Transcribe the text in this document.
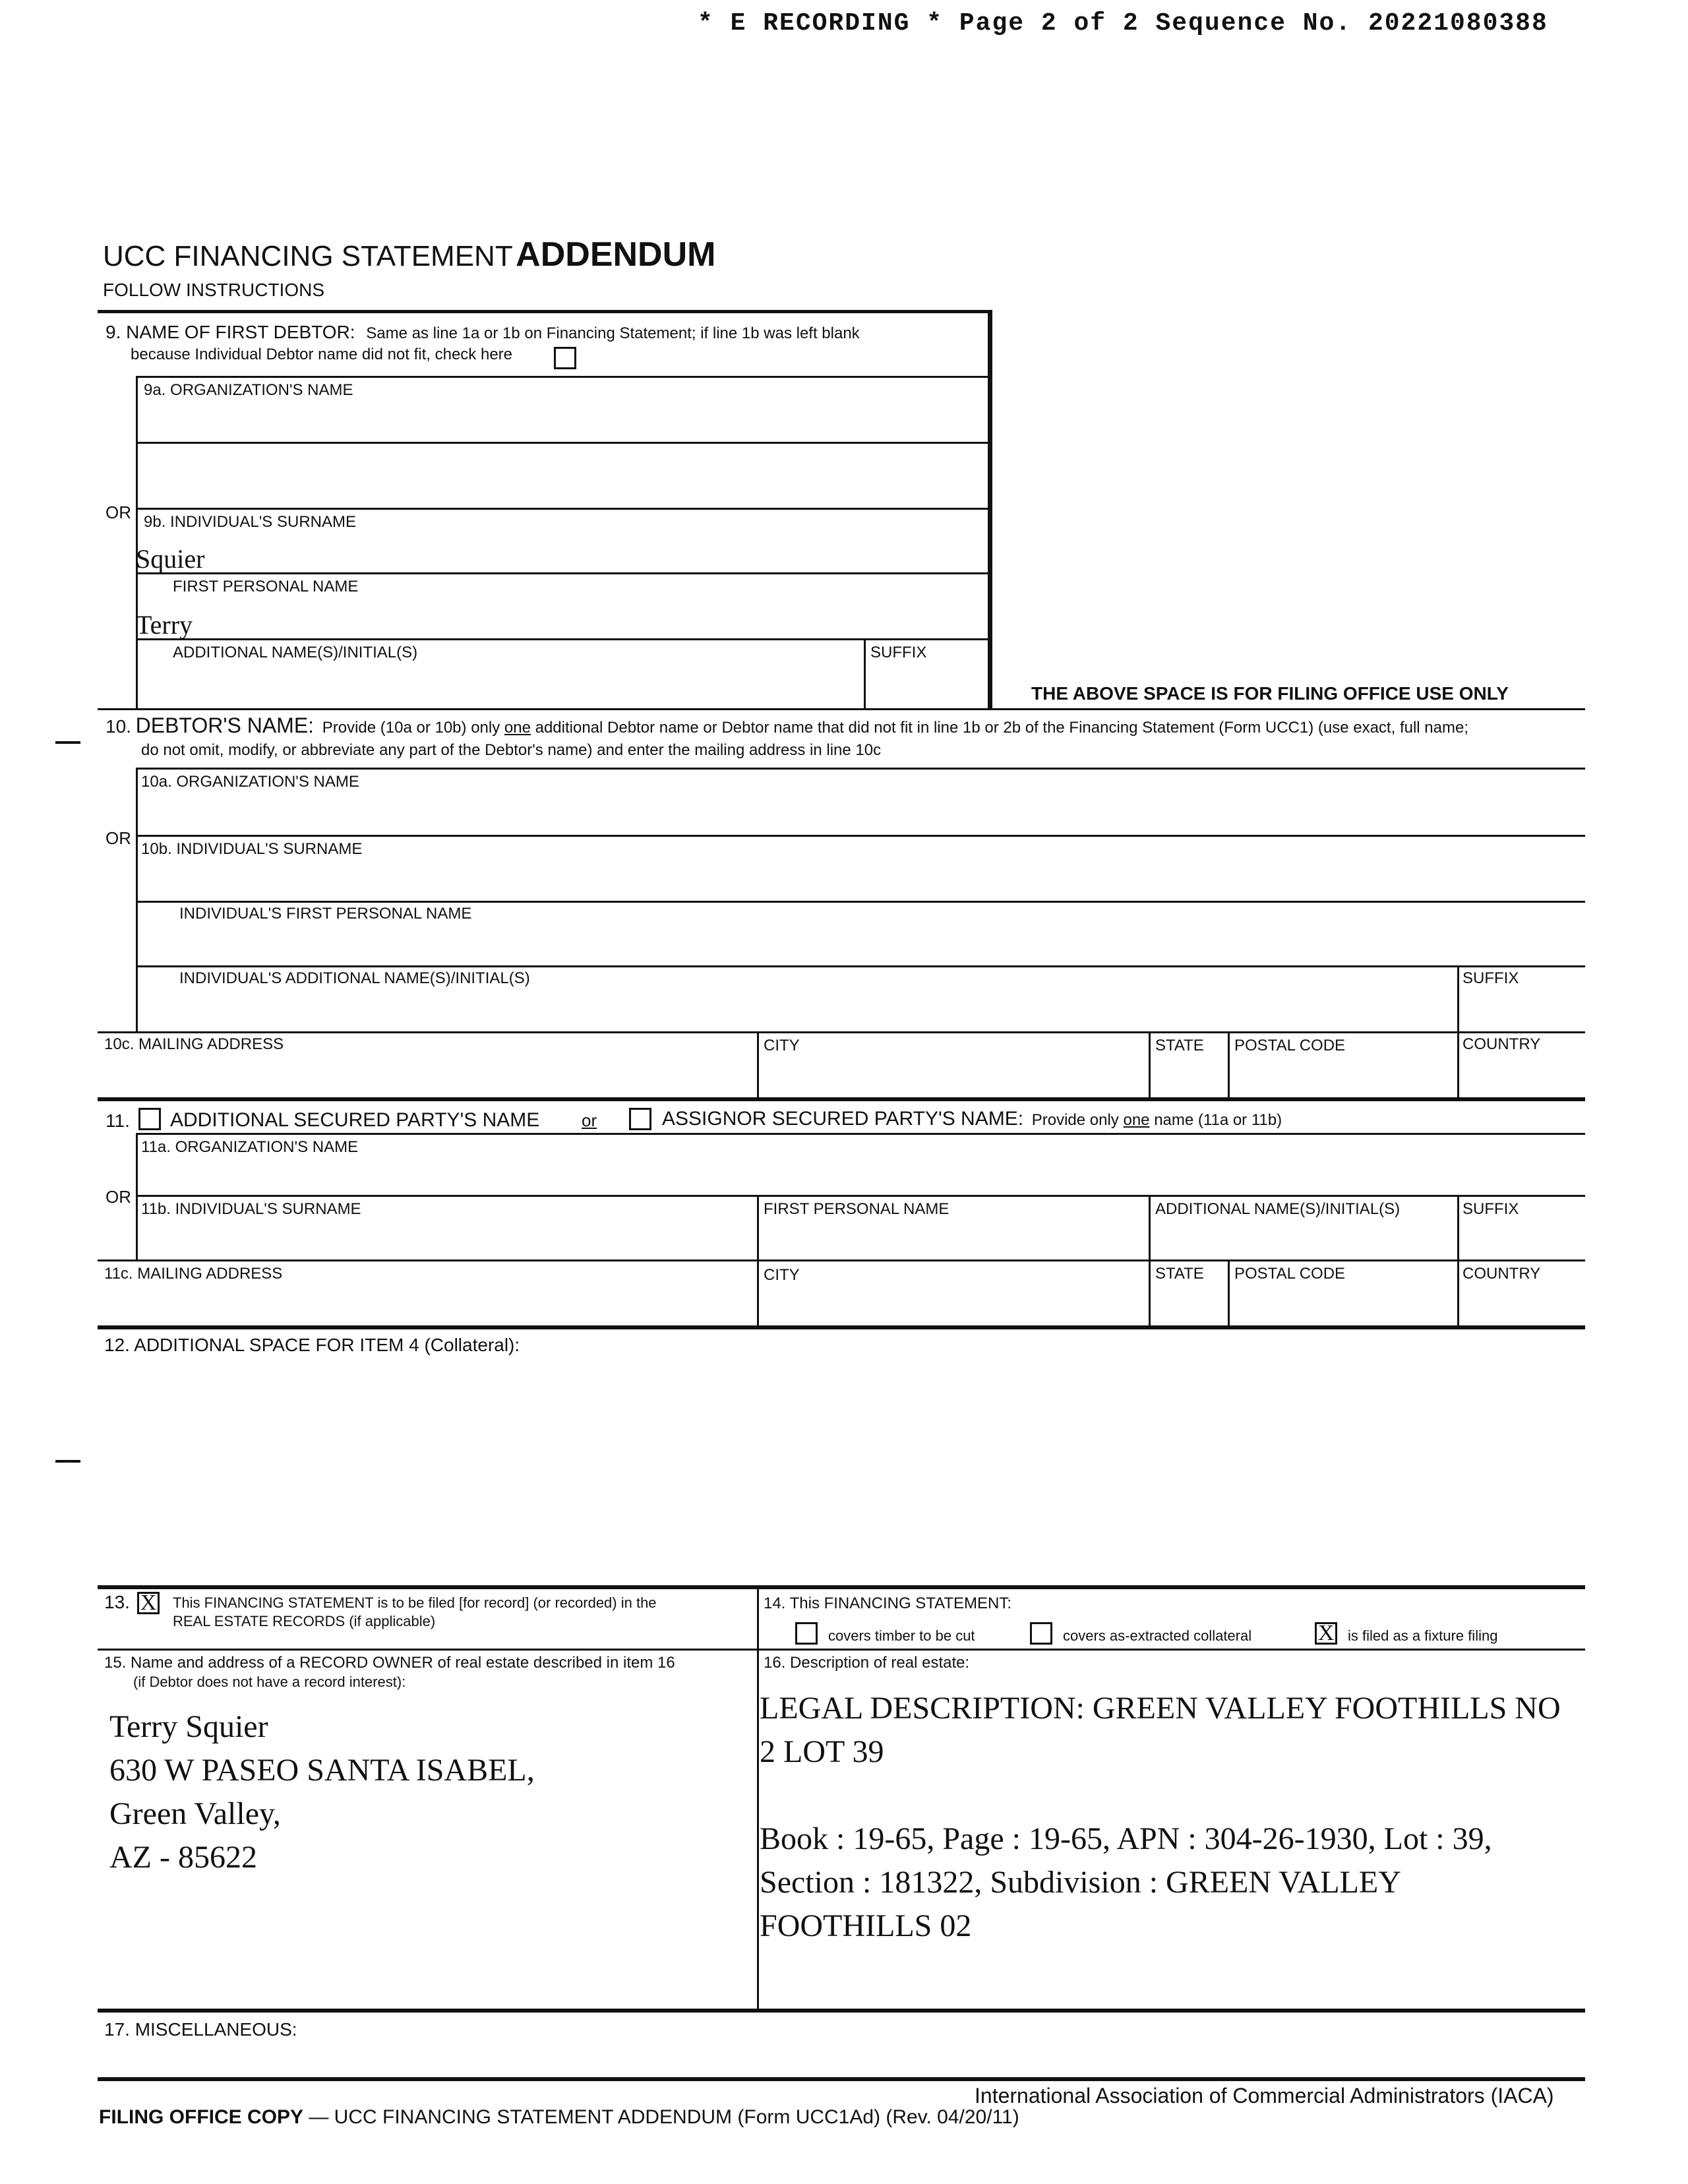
* E RECORDING * Page 2 of 2 Sequence No. 20221080388
UCC FINANCING STATEMENT ADDENDUM
FOLLOW INSTRUCTIONS
9. NAME OF FIRST DEBTOR: Same as line 1a or 1b on Financing Statement; if line 1b was left blank
because Individual Debtor name did not fit, check here
9a. ORGANIZATION'S NAME
OR 9b. INDIVIDUAL'S SURNAME
Squier
FIRST PERSONAL NAME
Terry
ADDITIONAL NAME(S)/INITIAL(S)	SUFFIX
THE ABOVE SPACE IS FOR FILING OFFICE USE ONLY
10. DEBTOR'S NAME: Provide (10a or 10b) only one additional Debtor name or Debtor name that did not fit in line 1b or 2b of the Financing Statement (Form UCC1) (use exact, full name;
do not omit, modify, or abbreviate any part of the Debtor's name) and enter the mailing address in line 10c
10a. ORGANIZATION'S NAME
OR
10b. INDIVIDUAL'S SURNAME
INDIVIDUAL'S FIRST PERSONAL NAME
INDIVIDUAL'S ADDITIONAL NAME(S)/INITIAL(S)	SUFFIX
10c. MAILING ADDRESS	CITY	STATE POSTAL CODE	COUNTRY
11. ADDITIONAL SECURED PARTY'S NAME or	ASSIGNOR SECURED PARTY'S NAME: Provide only one name (11a or 11b)
11a. ORGANIZATION'S NAME
OR
11b. INDIVIDUAL'S SURNAME	FIRST PERSONAL NAME	ADDITIONAL NAME(S)/INITIAL(S)	SUFFIX
11c. MAILING ADDRESS	CITY	STATE POSTAL CODE	COUNTRY
12. ADDITIONAL SPACE FOR ITEM 4 (Collateral):
13. X This FINANCING STATEMENT is to be filed [for record] (or recorded) in the
REAL ESTATE RECORDS (if applicable)
14. This FINANCING STATEMENT:
covers timber to be cut	covers as-extracted collateral	X is filed as a fixture filing
15. Name and address of a RECORD OWNER of real estate described in item 16
(if Debtor does not have a record interest):
Terry Squier
630 W PASEO SANTA ISABEL,
Green Valley,
AZ - 85622
16. Description of real estate:
LEGAL DESCRIPTION: GREEN VALLEY FOOTHILLS NO
2 LOT 39
Book : 19-65, Page : 19-65, APN : 304-26-1930, Lot : 39,
Section : 181322, Subdivision : GREEN VALLEY
FOOTHILLS 02
17. MISCELLANEOUS:
International Association of Commercial Administrators (IACA)
FILING OFFICE COPY — UCC FINANCING STATEMENT ADDENDUM (Form UCC1Ad) (Rev. 04/20/11)
